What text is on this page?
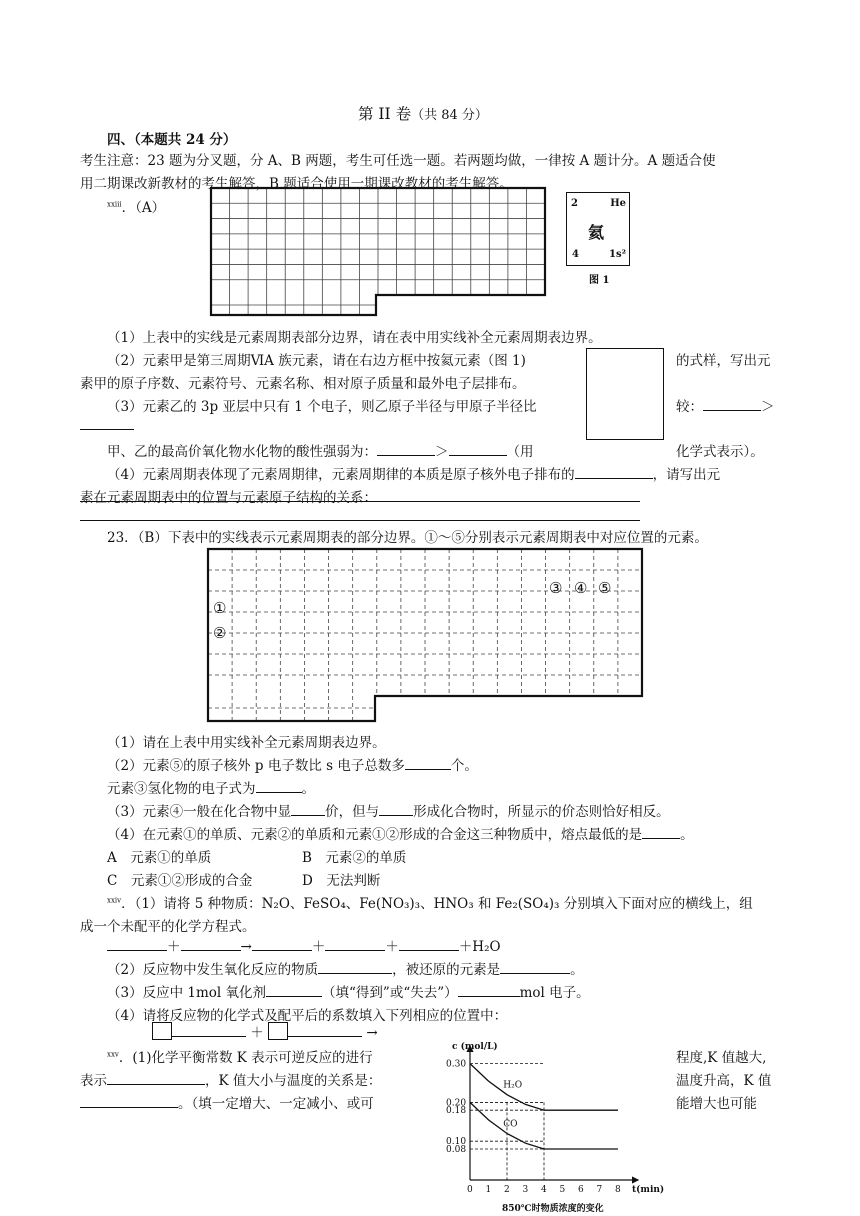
第 II 卷（共 84 分）
四、（本题共 24 分）
考生注意：23 题为分叉题，分 A、B 两题，考生可任选一题。若两题均做，一律按 A 题计分。A 题适合使
用二期课改新教材的考生解答，B 题适合使用一期课改教材的考生解答。
$^{xxiii}$．（A）	2	He
氦
4	1s²
图 1
（1）上表中的实线是元素周期表部分边界，请在表中用实线补全元素周期表边界。
（2）元素甲是第三周期ⅥA 族元素，请在右边方框中按氦元素（图 1)	的式样，写出元
素甲的原子序数、元素符号、元素名称、相对原子质量和最外电子层排布。
（3）元素乙的 3p 亚层中只有 1 个电子，则乙原子半径与甲原子半径比	较：	＞
甲、乙的最高价氧化物水化物的酸性强弱为：	＞	（用	化学式表示）。
（4）元素周期表体现了元素周期律，元素周期律的本质是原子核外电子排布的	，请写出元
素在元素周期表中的位置与元素原子结构的关系：
23．（B）下表中的实线表示元素周期表的部分边界。①～⑤分别表示元素周期表中对应位置的元素。
③ ④ ⑤
①
②
（1）请在上表中用实线补全元素周期表边界。
（2）元素⑤的原子核外 p 电子数比 s 电子总数多	个。
元素③氢化物的电子式为	。
（3）元素④一般在化合物中显	价，但与	形成化合物时，所显示的价态则恰好相反。
（4）在元素①的单质、元素②的单质和元素①②形成的合金这三种物质中，熔点最低的是	。
A　元素①的单质	B　元素②的单质
C　元素①②形成的合金	D　无法判断
$^{xxiv}$．（1）请将 5 种物质：N₂O、FeSO₄、Fe(NO₃)₃、HNO₃ 和 Fe₂(SO₄)₃ 分别填入下面对应的横线上，组
成一个未配平的化学方程式。
＋	→	＋	＋	＋H₂O
（2）反应物中发生氧化反应的物质	，被还原的元素是	。
（3）反应中 1mol 氧化剂	（填“得到”或“失去”）	mol 电子。
（4）请将反应物的化学式及配平后的系数填入下列相应的位置中：
＋	→
$^{xxv}$．(1)化学平衡常数 K 表示可逆反应的进行	程度,K 值越大,
表示	，K 值大小与温度的关系是：	温度升高，K 值
。（填一定增大、一定减小、或可	能增大也可能
H₂O
CO
0 1 2 3 4 5 6 7 8
0.08
0.10
0.18
0.20
0.30
c (mol/L)
t(min)
850℃时物质浓度的变化
